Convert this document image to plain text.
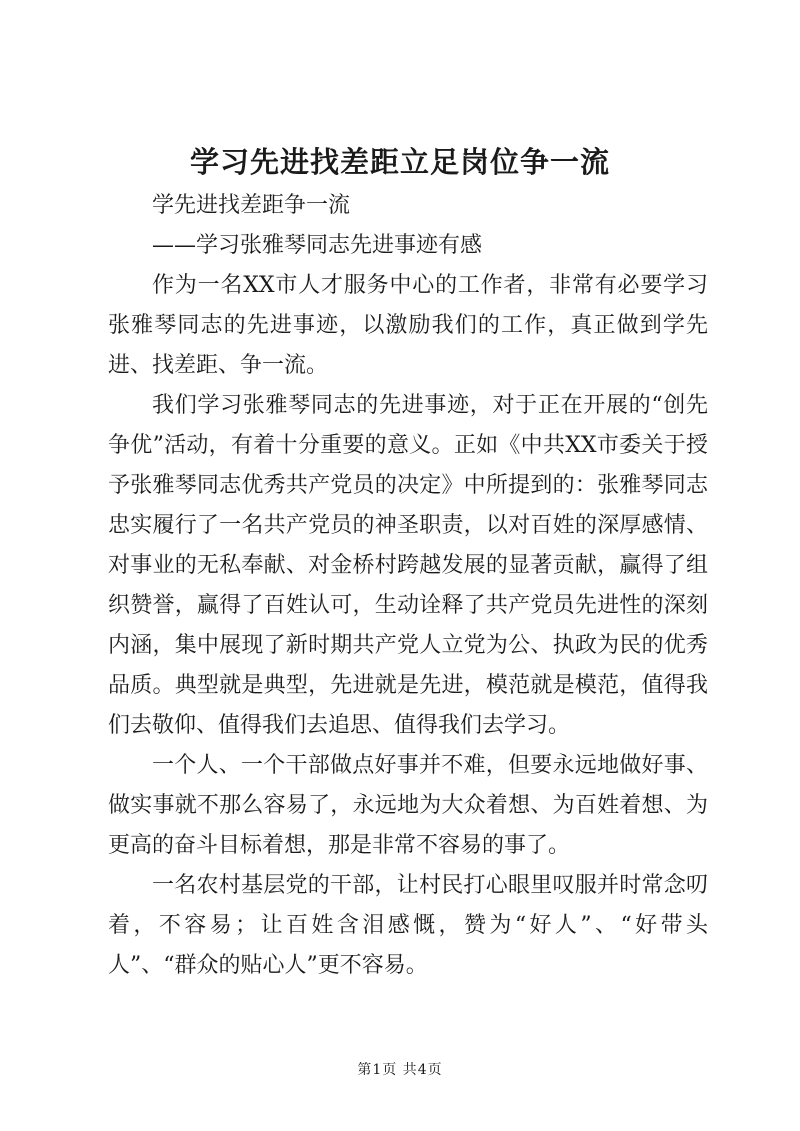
学习先进找差距立足岗位争一流

学先进找差距争一流

——学习张雅琴同志先进事迹有感

作为一名XX市人才服务中心的工作者，非常有必要学习张雅琴同志的先进事迹，以激励我们的工作，真正做到学先进、找差距、争一流。

我们学习张雅琴同志的先进事迹，对于正在开展的“创先争优”活动，有着十分重要的意义。正如《中共XX市委关于授予张雅琴同志优秀共产党员的决定》中所提到的：张雅琴同志忠实履行了一名共产党员的神圣职责，以对百姓的深厚感情、对事业的无私奉献、对金桥村跨越发展的显著贡献，赢得了组织赞誉，赢得了百姓认可，生动诠释了共产党员先进性的深刻内涵，集中展现了新时期共产党人立党为公、执政为民的优秀品质。典型就是典型，先进就是先进，模范就是模范，值得我们去敬仰、值得我们去追思、值得我们去学习。

一个人、一个干部做点好事并不难，但要永远地做好事、做实事就不那么容易了，永远地为大众着想、为百姓着想、为更高的奋斗目标着想，那是非常不容易的事了。

一名农村基层党的干部，让村民打心眼里叹服并时常念叨着，不容易；让百姓含泪感慨，赞为“好人”、“好带头人”、“群众的贴心人”更不容易。

第1页 共4页
